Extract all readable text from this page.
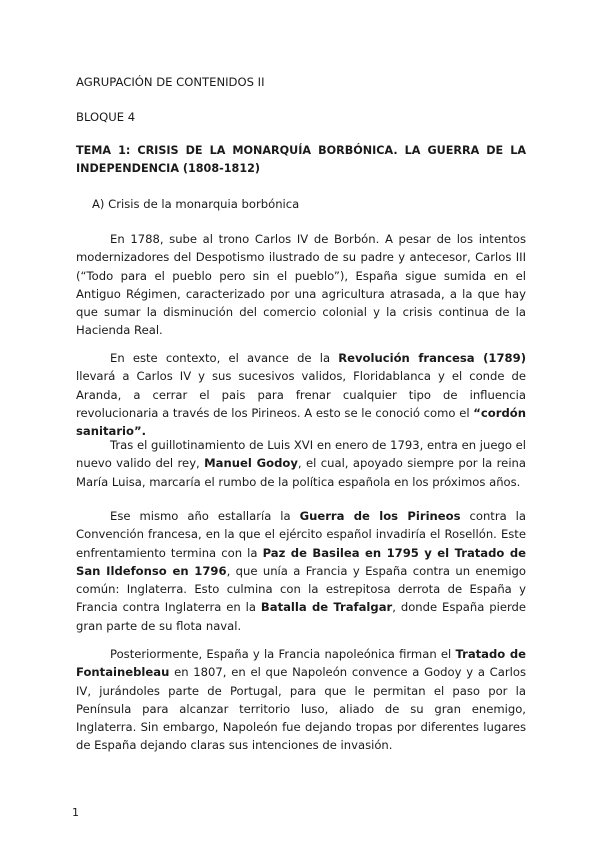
AGRUPACIÓN DE CONTENIDOS II

BLOQUE 4

TEMA 1: CRISIS DE LA MONARQUÍA BORBÓNICA. LA GUERRA DE LA INDEPENDENCIA (1808-1812)

A) Crisis de la monarquia borbónica

En 1788, sube al trono Carlos IV de Borbón. A pesar de los intentos modernizadores del Despotismo ilustrado de su padre y antecesor, Carlos III (“Todo para el pueblo pero sin el pueblo”), España sigue sumida en el Antiguo Régimen, caracterizado por una agricultura atrasada, a la que hay que sumar la disminución del comercio colonial y la crisis continua de la Hacienda Real.

En este contexto, el avance de la Revolución francesa (1789) llevará a Carlos IV y sus sucesivos validos, Floridablanca y el conde de Aranda, a cerrar el pais para frenar cualquier tipo de influencia revolucionaria a través de los Pirineos. A esto se le conoció como el “cordón sanitario”.

Tras el guillotinamiento de Luis XVI en enero de 1793, entra en juego el nuevo valido del rey, Manuel Godoy, el cual, apoyado siempre por la reina María Luisa, marcaría el rumbo de la política española en los próximos años.

Ese mismo año estallaría la Guerra de los Pirineos contra la Convención francesa, en la que el ejército español invadiría el Rosellón. Este enfrentamiento termina con la Paz de Basilea en 1795 y el Tratado de San Ildefonso en 1796, que unía a Francia y España contra un enemigo común: Inglaterra. Esto culmina con la estrepitosa derrota de España y Francia contra Inglaterra en la Batalla de Trafalgar, donde España pierde gran parte de su flota naval.

Posteriormente, España y la Francia napoleónica firman el Tratado de Fontainebleau en 1807, en el que Napoleón convence a Godoy y a Carlos IV, jurándoles parte de Portugal, para que le permitan el paso por la Península para alcanzar territorio luso, aliado de su gran enemigo, Inglaterra. Sin embargo, Napoleón fue dejando tropas por diferentes lugares de España dejando claras sus intenciones de invasión.

1
